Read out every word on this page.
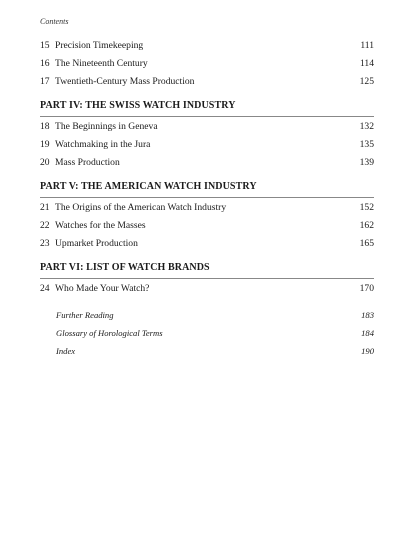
Contents
15 Precision Timekeeping	111
16 The Nineteenth Century	114
17 Twentieth-Century Mass Production	125
PART IV: THE SWISS WATCH INDUSTRY
18 The Beginnings in Geneva	132
19 Watchmaking in the Jura	135
20 Mass Production	139
PART V: THE AMERICAN WATCH INDUSTRY
21 The Origins of the American Watch Industry	152
22 Watches for the Masses	162
23 Upmarket Production	165
PART VI: LIST OF WATCH BRANDS
24 Who Made Your Watch?	170
Further Reading	183
Glossary of Horological Terms	184
Index	190
